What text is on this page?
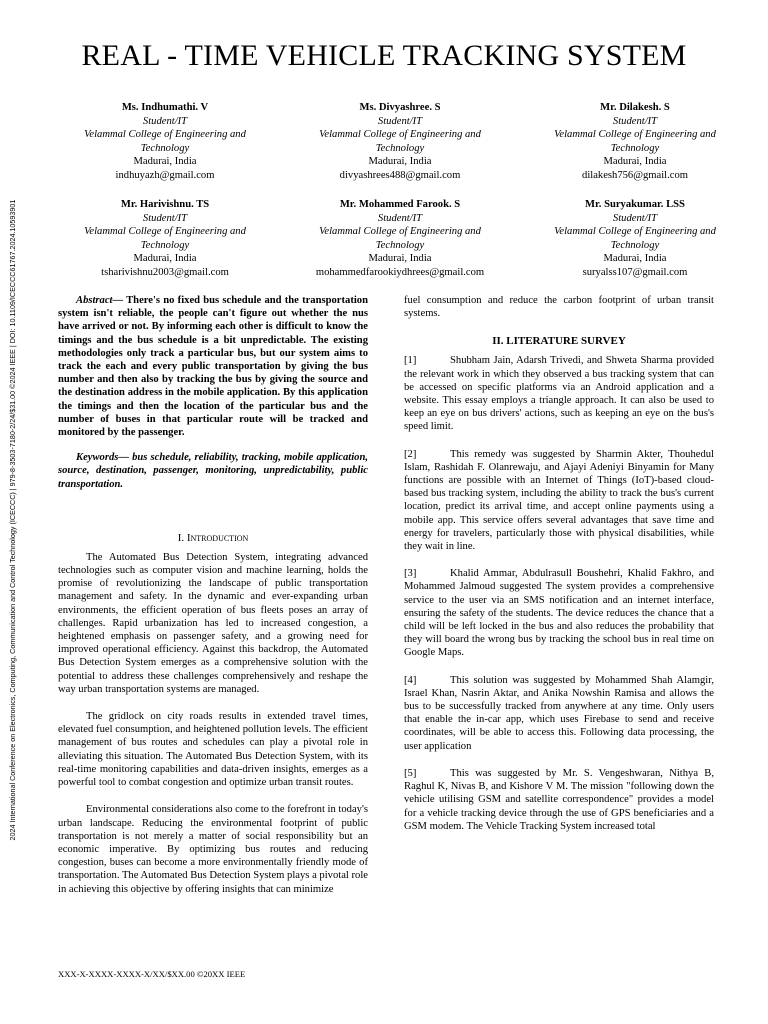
2024 International Conference on Electronics, Computing, Communication and Control Technology (ICECCC) | 979-8-3503-7180-2/24/$31.00 ©2024 IEEE | DOI: 10.1109/ICECCC61767.2024.10593901
REAL - TIME VEHICLE TRACKING SYSTEM
Ms. Indhumathi. V
Student/IT
Velammal College of Engineering and
Technology
Madurai, India
indhuyazh@gmail.com
Ms. Divyashree. S
Student/IT
Velammal College of Engineering and
Technology
Madurai, India
divyashrees488@gmail.com
Mr. Dilakesh. S
Student/IT
Velammal College of Engineering and
Technology
Madurai, India
dilakesh756@gmail.com
Mr. Harivishnu. TS
Student/IT
Velammal College of Engineering and
Technology
Madurai, India
tsharivishnu2003@gmail.com
Mr. Mohammed Farook. S
Student/IT
Velammal College of Engineering and
Technology
Madurai, India
mohammedfarookiydhrees@gmail.com
Mr. Suryakumar. LSS
Student/IT
Velammal College of Engineering and
Technology
Madurai, India
suryalss107@gmail.com

Abstract— There's no fixed bus schedule and the transportation system isn't reliable, the people can't figure out whether the nus have arrived or not. By informing each other is difficult to know the timings and the bus schedule is a bit unpredictable. The existing methodologies only track a particular bus, but our system aims to track the each and every public transportation by giving the bus number and then also by tracking the bus by giving the source and the destination address in the mobile application. By this application the timings and then the location of the particular bus and the number of buses in that particular route will be tracked and monitored by the passenger.

Keywords— bus schedule, reliability, tracking, mobile application, source, destination, passenger, monitoring, unpredictability, public transportation.

I. Introduction

The Automated Bus Detection System, integrating advanced technologies such as computer vision and machine learning, holds the promise of revolutionizing the landscape of public transportation management and safety. In the dynamic and ever-expanding urban environments, the efficient operation of bus fleets poses an array of challenges. Rapid urbanization has led to increased congestion, a heightened emphasis on passenger safety, and a growing need for improved operational efficiency. Against this backdrop, the Automated Bus Detection System emerges as a comprehensive solution with the potential to address these challenges comprehensively and reshape the way urban transportation systems are managed.

The gridlock on city roads results in extended travel times, elevated fuel consumption, and heightened pollution levels. The efficient management of bus routes and schedules can play a pivotal role in alleviating this situation. The Automated Bus Detection System, with its real-time monitoring capabilities and data-driven insights, emerges as a powerful tool to combat congestion and optimize urban transit routes.

Environmental considerations also come to the forefront in today's urban landscape. Reducing the environmental footprint of public transportation is not merely a matter of social responsibility but an economic imperative. By optimizing bus routes and reducing congestion, buses can become a more environmentally friendly mode of transportation. The Automated Bus Detection System plays a pivotal role in achieving this objective by offering insights that can minimize

fuel consumption and reduce the carbon footprint of urban transit systems.

II. LITERATURE SURVEY

[1]	Shubham Jain, Adarsh Trivedi, and Shweta Sharma provided the relevant work in which they observed a bus tracking system that can be accessed on specific platforms via an Android application and a website. This essay employs a triangle approach. It can also be used to keep an eye on bus drivers' actions, such as keeping an eye on the bus's speed limit.

[2]	This remedy was suggested by Sharmin Akter, Thouhedul Islam, Rashidah F. Olanrewaju, and Ajayi Adeniyi Binyamin for Many functions are possible with an Internet of Things (IoT)-based cloud-based bus tracking system, including the ability to track the bus's current location, predict its arrival time, and accept online payments using a mobile app. This service offers several advantages that save time and energy for travelers, particularly those with physical disabilities, while they wait in line.

[3]	Khalid Ammar, Abdulrasull Boushehri, Khalid Fakhro, and Mohammed Jalmoud suggested The system provides a comprehensive service to the user via an SMS notification and an internet interface, ensuring the safety of the students. The device reduces the chance that a child will be left locked in the bus and also reduces the probability that they will board the wrong bus by tracking the school bus in real time on Google Maps.

[4]	This solution was suggested by Mohammed Shah Alamgir, Israel Khan, Nasrin Aktar, and Anika Nowshin Ramisa and allows the bus to be successfully tracked from anywhere at any time. Only users that enable the in-car app, which uses Firebase to send and receive coordinates, will be able to access this. Following data processing, the user application

[5]	This was suggested by Mr. S. Vengeshwaran, Nithya B, Raghul K, Nivas B, and Kishore V M. The mission "following down the vehicle utilising GSM and satellite correspondence" provides a model for a vehicle tracking device through the use of GPS beneficiaries and a GSM modem. The Vehicle Tracking System increased total

XXX-X-XXXX-XXXX-X/XX/$XX.00 ©20XX IEEE
